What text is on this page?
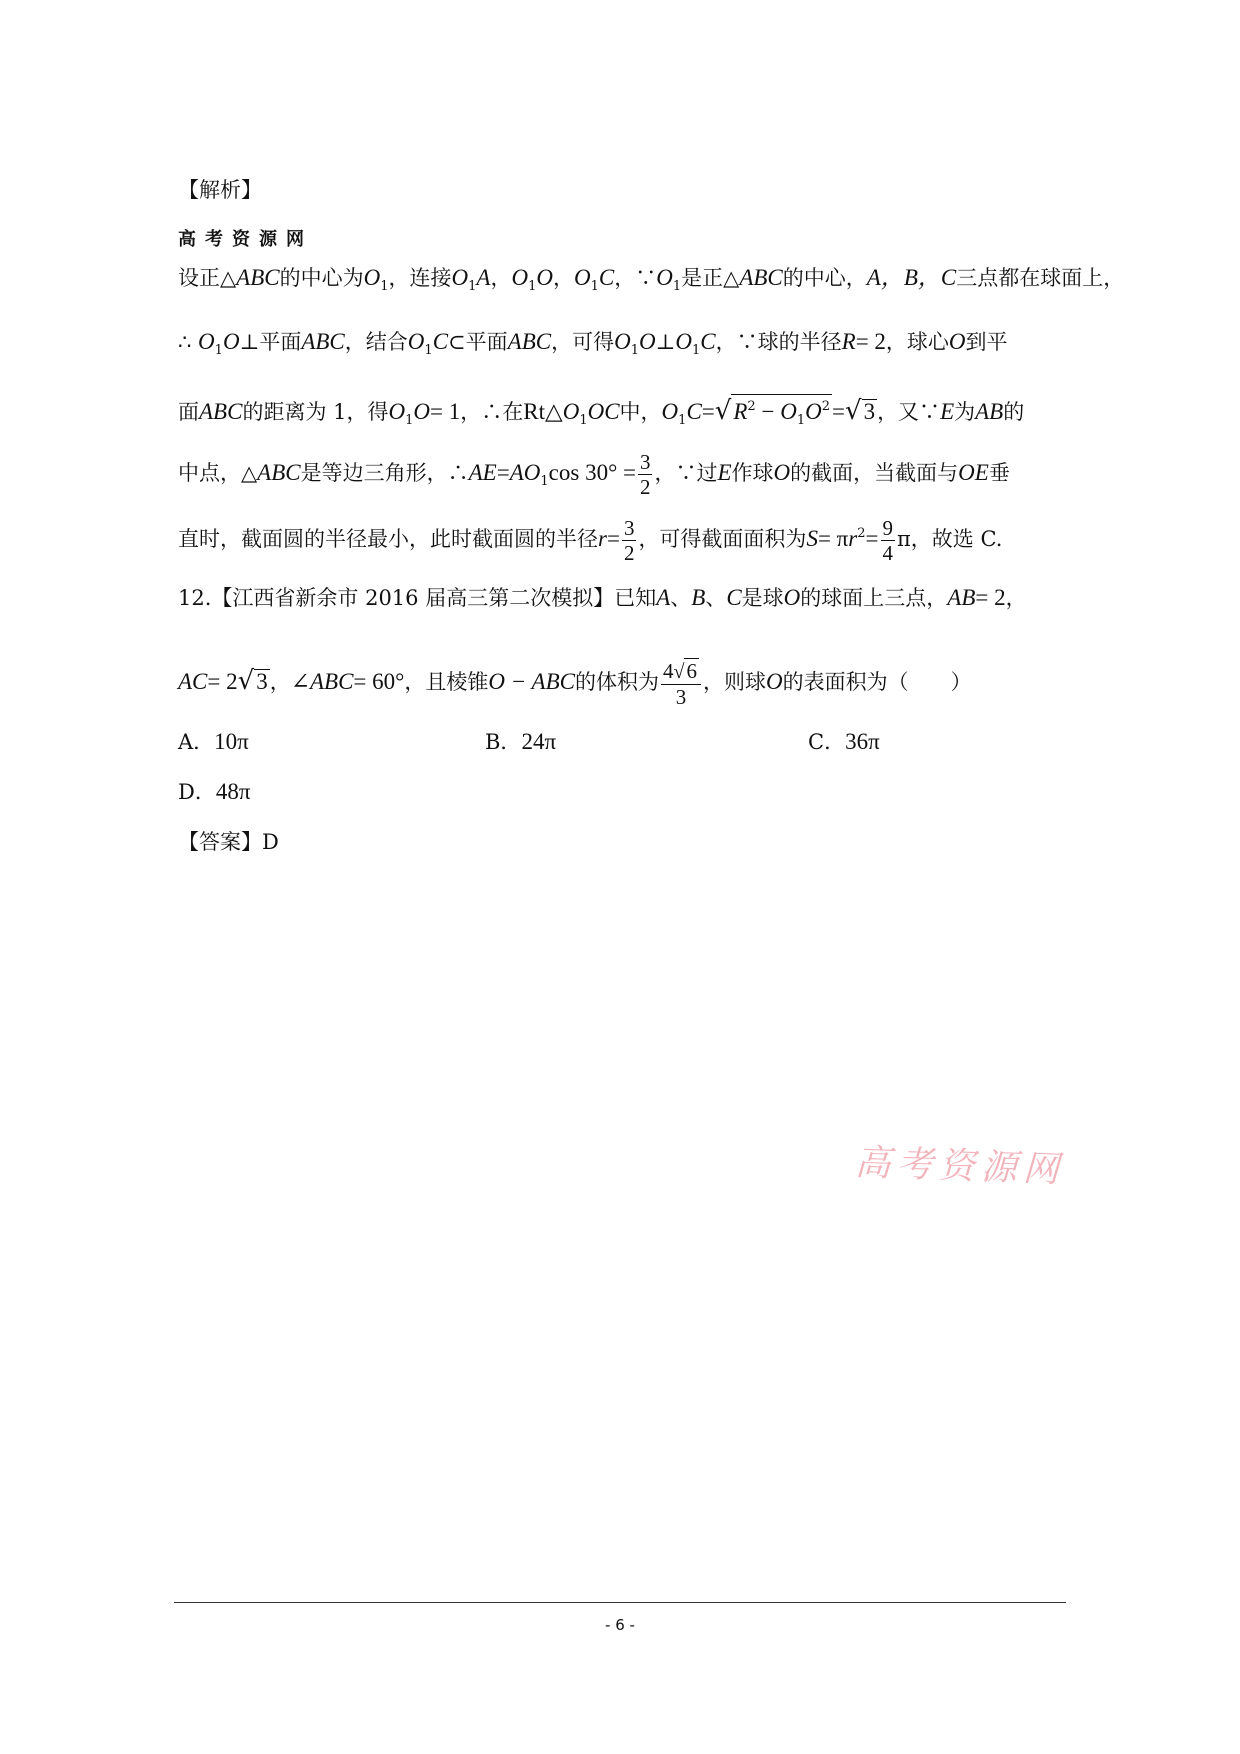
【解析】
高考资源网
设正△ABC的中心为$O_1$，连接$O_1A$，$O_1O$，$O_1C$，$\because O_1$是正△ABC的中心，A，B，C三点都在球面上，
∴ $O_1O\perp$平面ABC，结合$O_1C\subset$平面ABC，可得$O_1O\perp O_1C$，∵球的半径R= 2，球心O到平
面ABC的距离为 1，得$O_1O= 1$，∴在$Rt\triangle O_1OC$中，$O_1C=√R^2 - O_1O^2=√3$，又∵E为AB的
中点，△ABC是等边三角形，$\therefore AE=AO_1\cos$ $30^\circ = \frac{3}{2}$ ，∵过E作球O的截面，当截面与OE垂
直时，截面圆的半径最小，此时截面圆的半径$r= \frac{3}{2}$ ，可得截面面积为$S= \pi r^2= \frac{9}{4}$ π，故选 C.
12.【江西省新余市 2016 届高三第二次模拟】已知A、B、C是球O的球面上三点，AB= 2，
AC= 2√3，∠ABC= 60°，且棱锥O − ABC的体积为 $\frac{4√6}{3}$ ，则球O的表面积为（　　）
A．10π	B．24π	C．36π
D．48π
【答案】D
高考资源网
- 6 -
